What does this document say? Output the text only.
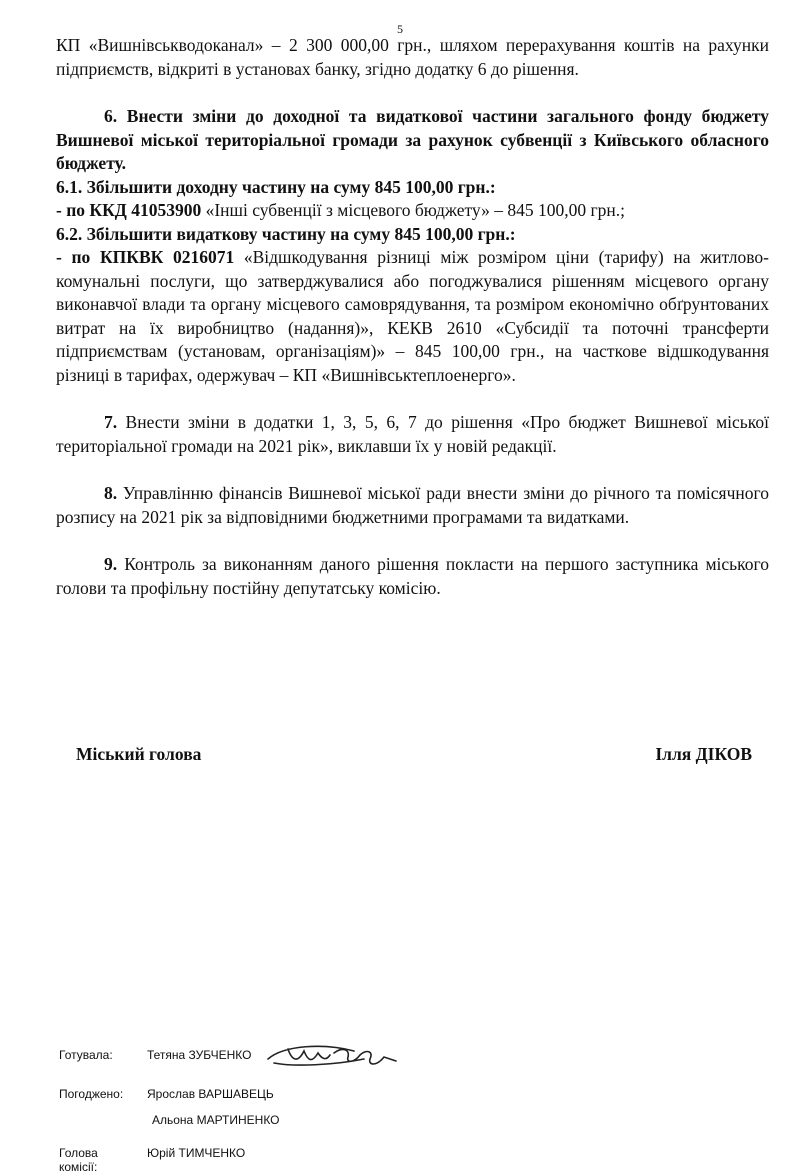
5

КП «Вишнівськводоканал» – 2 300 000,00 грн., шляхом перерахування коштів на рахунки підприємств, відкриті в установах банку, згідно додатку 6 до рішення.

6. Внести зміни до доходної та видаткової частини загального фонду бюджету Вишневої міської територіальної громади за рахунок субвенції з Київського обласного бюджету.

6.1. Збільшити доходну частину на суму 845 100,00 грн.:

- по ККД 41053900 «Інші субвенції з місцевого бюджету» – 845 100,00 грн.;

6.2. Збільшити видаткову частину на суму 845 100,00 грн.:

- по КПКВК 0216071 «Відшкодування різниці між розміром ціни (тарифу) на житлово-комунальні послуги, що затверджувалися або погоджувалися рішенням місцевого органу виконавчої влади та органу місцевого самоврядування, та розміром економічно обґрунтованих витрат на їх виробництво (надання)», КЕКВ 2610 «Субсидії та поточні трансферти підприємствам (установам, організаціям)» – 845 100,00 грн., на часткове відшкодування різниці в тарифах, одержувач – КП «Вишнівськтеплоенерго».

7. Внести зміни в додатки 1, 3, 5, 6, 7 до рішення «Про бюджет Вишневої міської територіальної громади на 2021 рік», виклавши їх у новій редакції.

8. Управлінню фінансів Вишневої міської ради внести зміни до річного та помісячного розпису на 2021 рік за відповідними бюджетними програмами та видатками.

9. Контроль за виконанням даного рішення покласти на першого заступника міського голови та профільну постійну депутатську комісію.

Міський голова	Ілля ДІКОВ
Готувала:	Тетяна ЗУБЧЕНКО
Погоджено: Ярослав ВАРШАВЕЦЬ
Альона МАРТИНЕНКО
Голова комісії:
Юрій ТИМЧЕНКО
